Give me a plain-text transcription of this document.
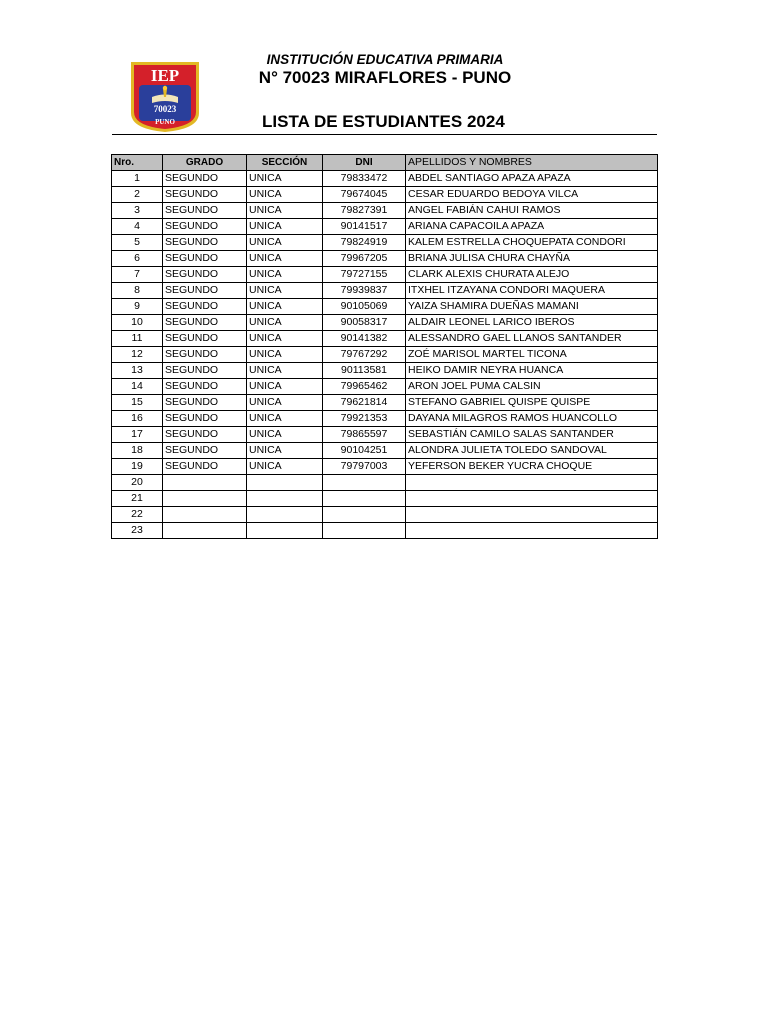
IEP
70023
PUNO
INSTITUCIÓN EDUCATIVA PRIMARIA
N° 70023 MIRAFLORES - PUNO
LISTA DE ESTUDIANTES 2024
Nro.	GRADO	SECCIÓN	DNI	APELLIDOS Y NOMBRES
1	SEGUNDO	UNICA	79833472	ABDEL SANTIAGO APAZA APAZA
2	SEGUNDO	UNICA	79674045	CESAR EDUARDO BEDOYA VILCA
3	SEGUNDO	UNICA	79827391	ANGEL FABIÁN CAHUI RAMOS
4	SEGUNDO	UNICA	90141517	ARIANA CAPACOILA APAZA
5	SEGUNDO	UNICA	79824919	KALEM ESTRELLA CHOQUEPATA CONDORI
6	SEGUNDO	UNICA	79967205	BRIANA JULISA CHURA CHAYÑA
7	SEGUNDO	UNICA	79727155	CLARK ALEXIS CHURATA ALEJO
8	SEGUNDO	UNICA	79939837	ITXHEL ITZAYANA CONDORI MAQUERA
9	SEGUNDO	UNICA	90105069	YAIZA SHAMIRA DUEÑAS MAMANI
10	SEGUNDO	UNICA	90058317	ALDAIR LEONEL LARICO IBEROS
11	SEGUNDO	UNICA	90141382	ALESSANDRO GAEL LLANOS SANTANDER
12	SEGUNDO	UNICA	79767292	ZOÉ MARISOL MARTEL TICONA
13	SEGUNDO	UNICA	90113581	HEIKO DAMIR NEYRA HUANCA
14	SEGUNDO	UNICA	79965462	ARON JOEL PUMA CALSIN
15	SEGUNDO	UNICA	79621814	STEFANO GABRIEL QUISPE QUISPE
16	SEGUNDO	UNICA	79921353	DAYANA MILAGROS RAMOS HUANCOLLO
17	SEGUNDO	UNICA	79865597	SEBASTIÁN CAMILO SALAS SANTANDER
18	SEGUNDO	UNICA	90104251	ALONDRA JULIETA TOLEDO SANDOVAL
19	SEGUNDO	UNICA	79797003	YEFERSON BEKER YUCRA CHOQUE
20				
21				
22				
23				
